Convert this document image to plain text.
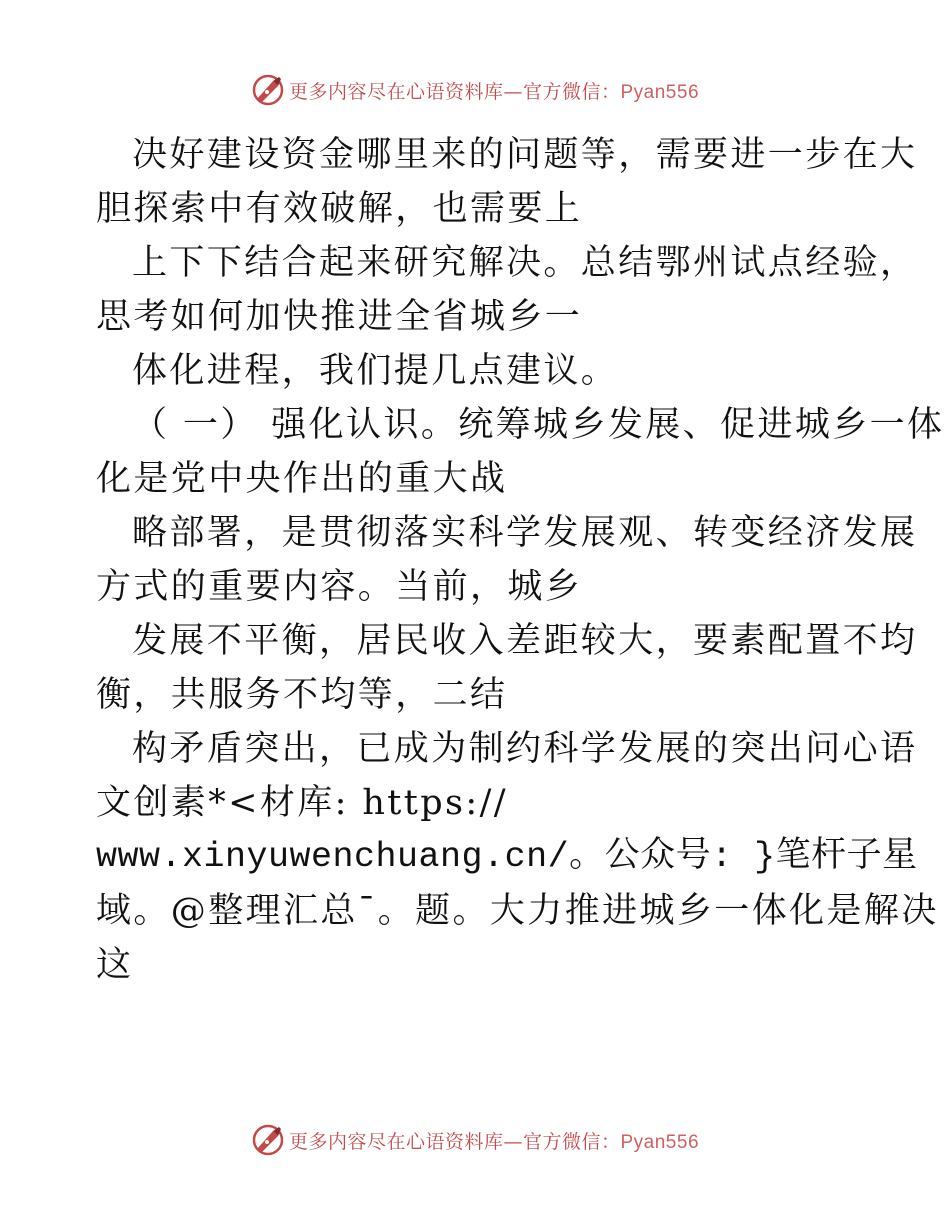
更多内容尽在心语资料库—官方微信：Pyan556
决好建设资金哪里来的问题等，需要进一步在大
胆探索中有效破解，也需要上
上下下结合起来研究解决。总结鄂州试点经验，
思考如何加快推进全省城乡一
体化进程，我们提几点建议。
（ 一） 强化认识。统筹城乡发展、促进城乡一体
化是党中央作出的重大战
略部署，是贯彻落实科学发展观、转变经济发展
方式的重要内容。当前，城乡
发展不平衡，居民收入差距较大，要素配置不均
衡，共服务不均等，二结
构矛盾突出，已成为制约科学发展的突出问心语
文创素*<材库: https://
www.xinyuwenchuang.cn/。公众号: }笔杆子星
域。@整理汇总¯。题。大力推进城乡一体化是解决
这
更多内容尽在心语资料库—官方微信：Pyan556
